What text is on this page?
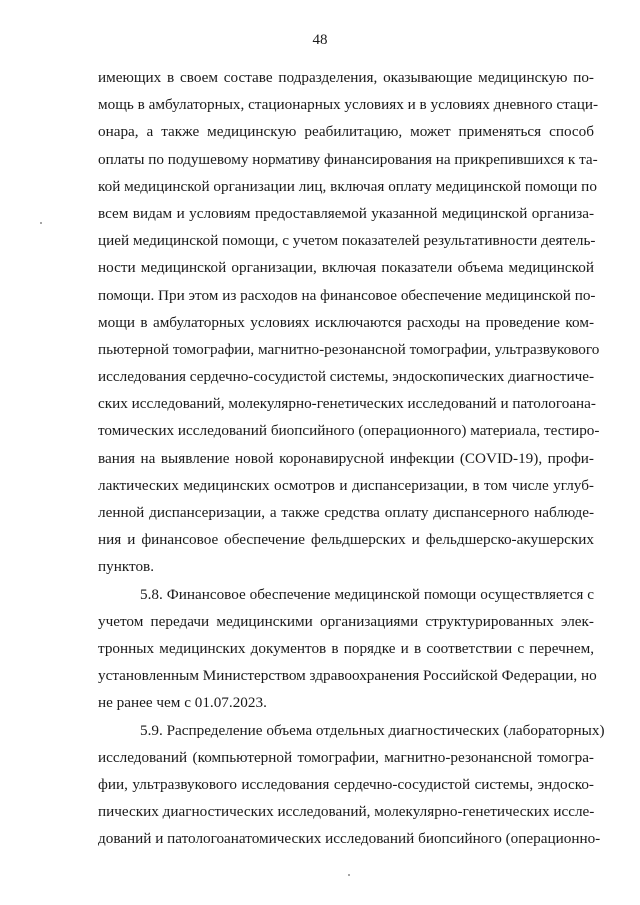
48
имеющих в своем составе подразделения, оказывающие медицинскую по-
мощь в амбулаторных, стационарных условиях и в условиях дневного стаци-
онара, а также медицинскую реабилитацию, может применяться способ
оплаты по подушевому нормативу финансирования на прикрепившихся к та-
кой медицинской организации лиц, включая оплату медицинской помощи по
всем видам и условиям предоставляемой указанной медицинской организа-
цией медицинской помощи, с учетом показателей результативности деятель-
ности медицинской организации, включая показатели объема медицинской
помощи. При этом из расходов на финансовое обеспечение медицинской по-
мощи в амбулаторных условиях исключаются расходы на проведение ком-
пьютерной томографии, магнитно-резонансной томографии, ультразвукового
исследования сердечно-сосудистой системы, эндоскопических диагностиче-
ских исследований, молекулярно-генетических исследований и патологоана-
томических исследований биопсийного (операционного) материала, тестиро-
вания на выявление новой коронавирусной инфекции (COVID-19), профи-
лактических медицинских осмотров и диспансеризации, в том числе углуб-
ленной диспансеризации, а также средства оплату диспансерного наблюде-
ния и финансовое обеспечение фельдшерских и фельдшерско-акушерских
пунктов.
5.8. Финансовое обеспечение медицинской помощи осуществляется с
учетом передачи медицинскими организациями структурированных элек-
тронных медицинских документов в порядке и в соответствии с перечнем,
установленным Министерством здравоохранения Российской Федерации, но
не ранее чем с 01.07.2023.
5.9. Распределение объема отдельных диагностических (лабораторных)
исследований (компьютерной томографии, магнитно-резонансной томогра-
фии, ультразвукового исследования сердечно-сосудистой системы, эндоско-
пических диагностических исследований, молекулярно-генетических иссле-
дований и патологоанатомических исследований биопсийного (операционно-
